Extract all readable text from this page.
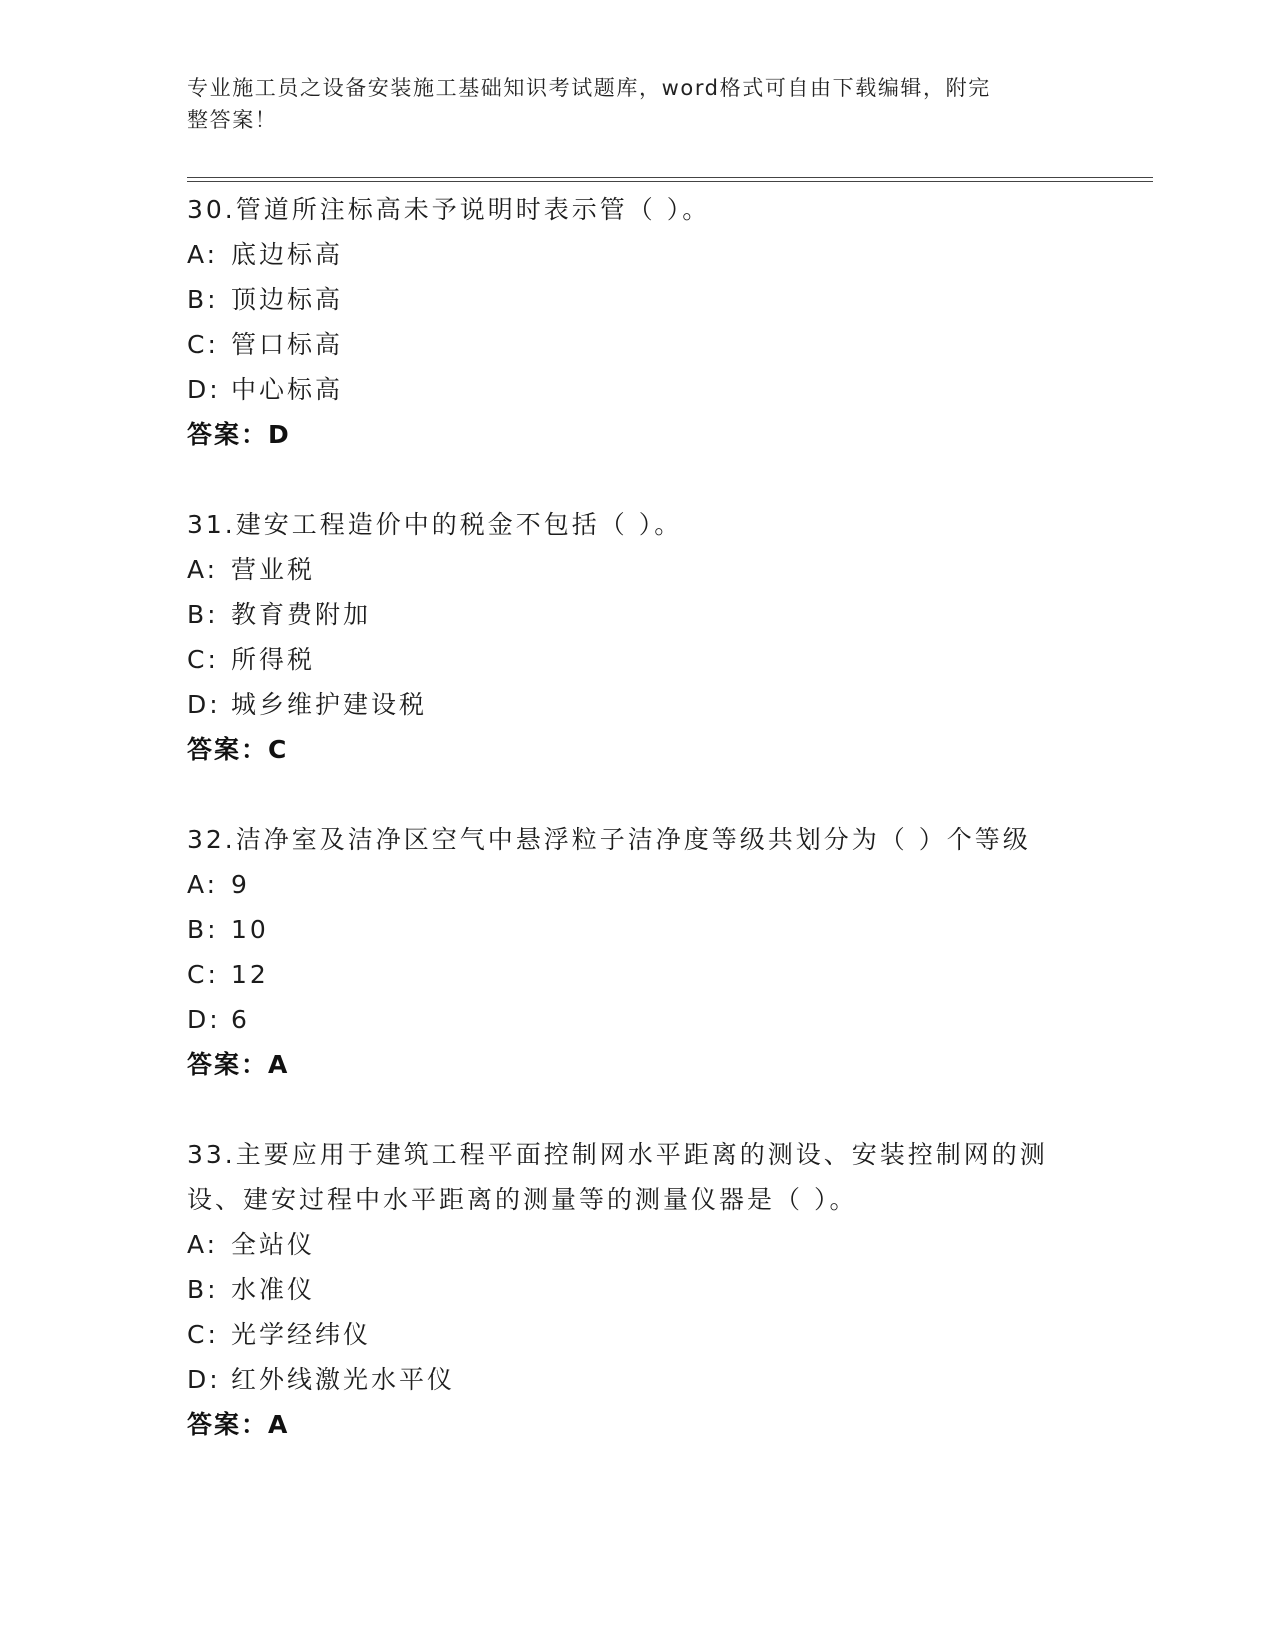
专业施工员之设备安装施工基础知识考试题库，word格式可自由下载编辑，附完
整答案！
30.管道所注标高未予说明时表示管（ ）。
A: 底边标高
B: 顶边标高
C: 管口标高
D: 中心标高
答案：D
31.建安工程造价中的税金不包括（ ）。
A: 营业税
B: 教育费附加
C: 所得税
D: 城乡维护建设税
答案：C
32.洁净室及洁净区空气中悬浮粒子洁净度等级共划分为（ ）个等级
A: 9
B: 10
C: 12
D: 6
答案：A
33.主要应用于建筑工程平面控制网水平距离的测设、安装控制网的测设、建安过程中水平距离的测量等的测量仪器是（ ）。
A: 全站仪
B: 水准仪
C: 光学经纬仪
D: 红外线激光水平仪
答案：A
